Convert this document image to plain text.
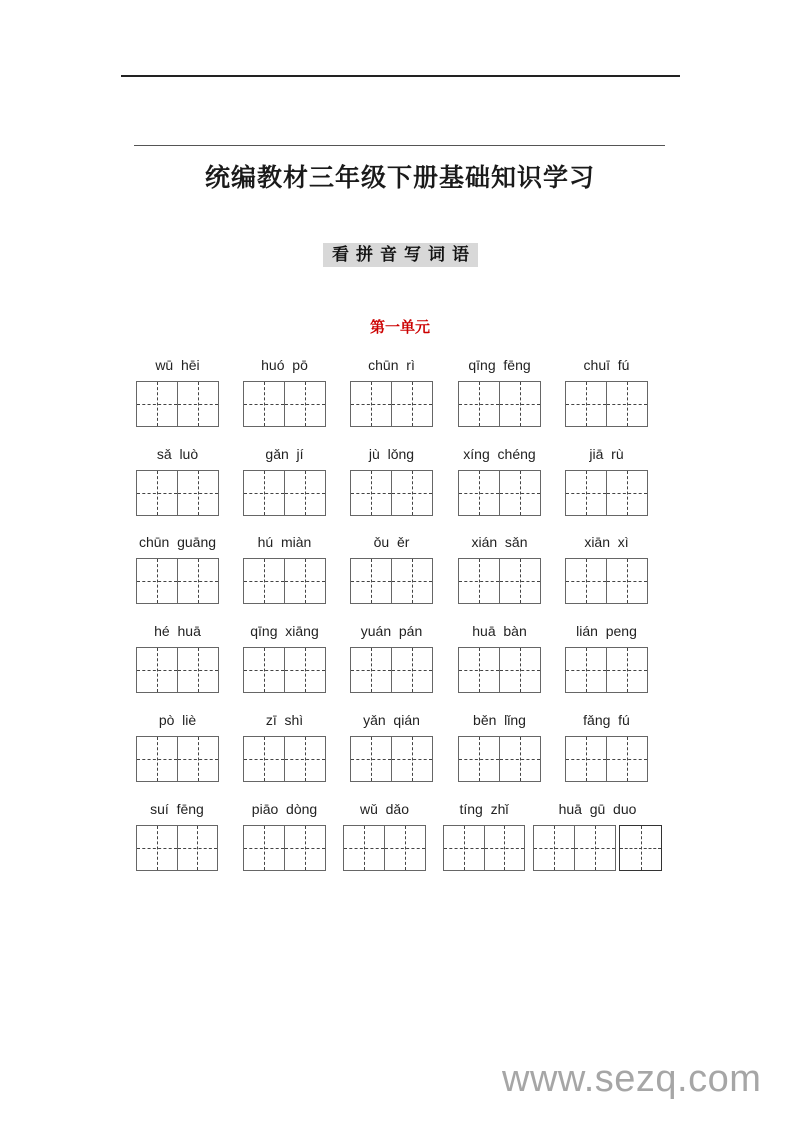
统编教材三年级下册基础知识学习
看拼音写词语
第一单元
wū  hēi	huó  pō	chūn  rì	qīng  fēng	chuī  fú
sǎ  luò	gǎn  jí	jù  lǒng	xíng  chéng	jiā  rù
chūn  guāng	hú  miàn	ǒu  ěr	xián  sǎn	xiān  xì
hé  huā	qīng  xiāng	yuán  pán	huā  bàn	lián  peng
pò  liè	zī  shì	yǎn  qián	běn  lǐng	fǎng  fú
suí  fēng	piāo  dòng	wǔ  dǎo	tíng  zhǐ	huā  gū  duo
www.sezq.com
